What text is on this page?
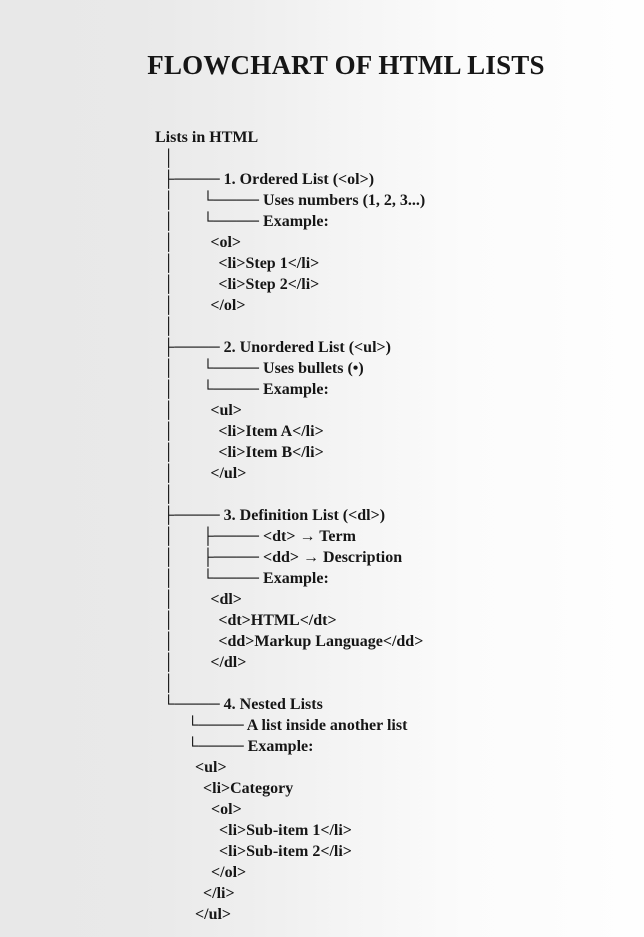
FLOWCHART OF HTML LISTS
Lists in HTML
│
├──── 1. Ordered List (<ol>)
│       └──── Uses numbers (1, 2, 3...)
│       └──── Example:
│         <ol>
│           <li>Step 1</li>
│           <li>Step 2</li>
│         </ol>
│
├──── 2. Unordered List (<ul>)
│       └──── Uses bullets (•)
│       └──── Example:
│         <ul>
│           <li>Item A</li>
│           <li>Item B</li>
│         </ul>
│
├──── 3. Definition List (<dl>)
│       ├──── <dt> → Term
│       ├──── <dd> → Description
│       └──── Example:
│         <dl>
│           <dt>HTML</dt>
│           <dd>Markup Language</dd>
│         </dl>
│
└──── 4. Nested Lists
└──── A list inside another list
└──── Example:
<ul>
<li>Category
<ol>
<li>Sub-item 1</li>
<li>Sub-item 2</li>
</ol>
</li>
</ul>
